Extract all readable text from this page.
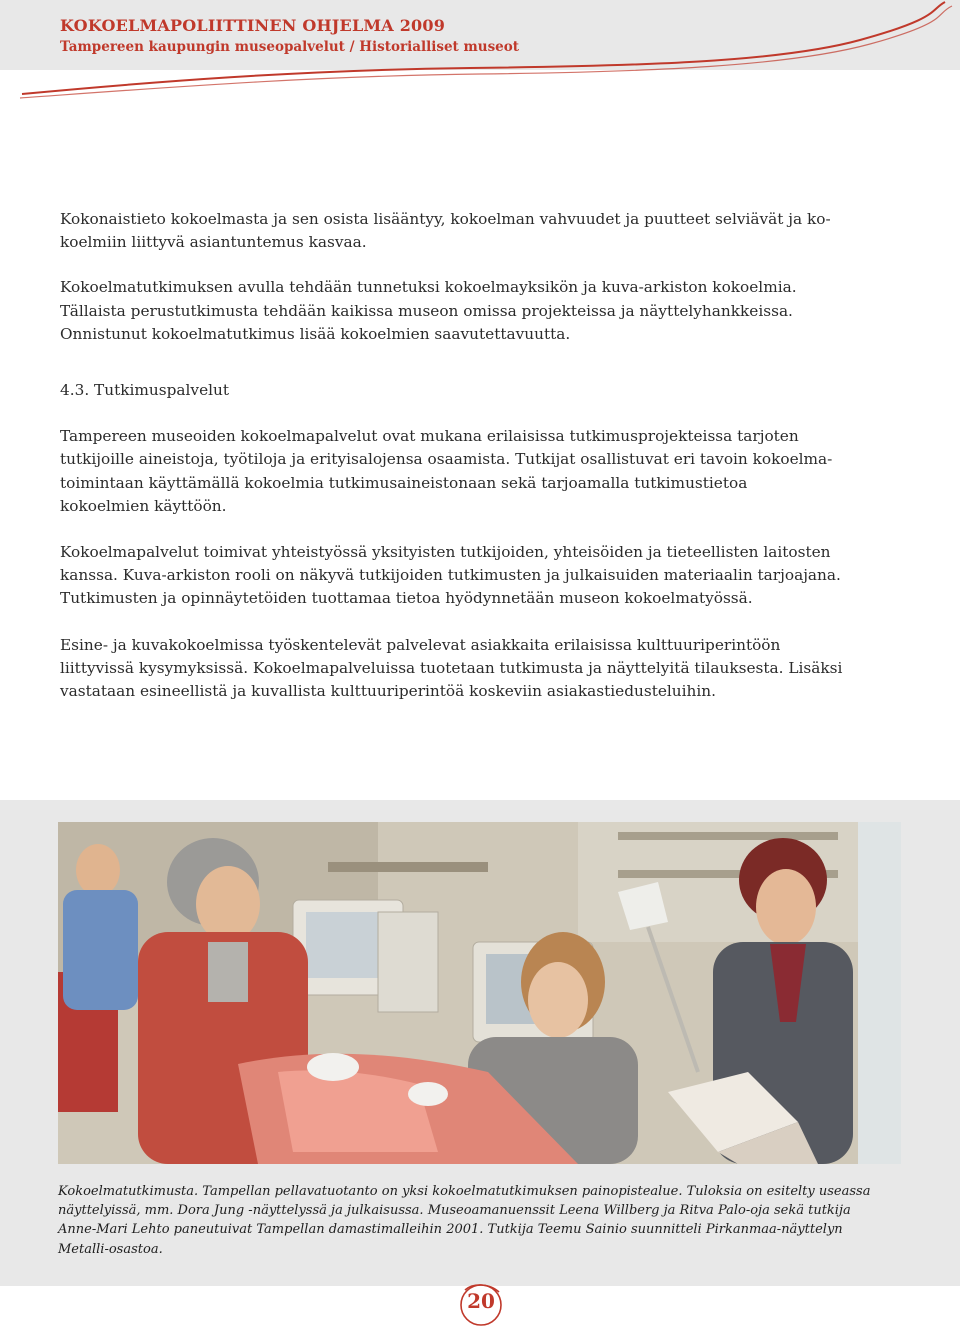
KOKOELMAPOLIITTINEN OHJELMA 2009
Tampereen kaupungin museopalvelut / Historialliset museot

Kokonaistieto kokoelmasta ja sen osista lisääntyy, kokoelman vahvuudet ja puutteet selviävät ja ko-
koelmiin liittyvä asiantuntemus kasvaa.

Kokoelmatutkimuksen avulla tehdään tunnetuksi kokoelmayksikön ja kuva-arkiston kokoelmia.
Tällaista perustutkimusta tehdään kaikissa museon omissa projekteissa ja näyttelyhankkeissa.
Onnistunut kokoelmatutkimus lisää kokoelmien saavutettavuutta.

4.3. Tutkimuspalvelut

Tampereen museoiden kokoelmapalvelut ovat mukana erilaisissa tutkimusprojekteissa tarjoten
tutkijoille aineistoja, työtiloja ja erityisalojensa osaamista. Tutkijat osallistuvat eri tavoin kokoelma-
toimintaan käyttämällä kokoelmia tutkimusaineistonaan sekä tarjoamalla tutkimustietoa
kokoelmien käyttöön.

Kokoelmapalvelut toimivat yhteistyössä yksityisten tutkijoiden, yhteisöiden ja tieteellisten laitosten
kanssa. Kuva-arkiston rooli on näkyvä tutkijoiden tutkimusten ja julkaisuiden materiaalin tarjoajana.
Tutkimusten ja opinnäytetöiden tuottamaa tietoa hyödynnetään museon kokoelmatyössä.

Esine- ja kuvakokoelmissa työskentelevät palvelevat asiakkaita erilaisissa kulttuuriperintöön
liittyvissä kysymyksissä. Kokoelmapalveluissa tuotetaan tutkimusta ja näyttelyitä tilauksesta. Lisäksi
vastataan esineellistä ja kuvallista kulttuuriperintöä koskeviin asiakastiedusteluihin.

Kokoelmatutkimusta. Tampellan pellavatuotanto on yksi kokoelmatutkimuksen painopistealue. Tuloksia on esitelty useassa
näyttelyissä, mm. Dora Jung -näyttelyssä ja julkaisussa. Museoamanuenssit Leena Willberg ja Ritva Palo-oja sekä tutkija
Anne-Mari Lehto paneutuivat Tampellan damastimalleihin 2001. Tutkija Teemu Sainio suunnitteli Pirkanmaa-näyttelyn
Metalli-osastoa.

20
